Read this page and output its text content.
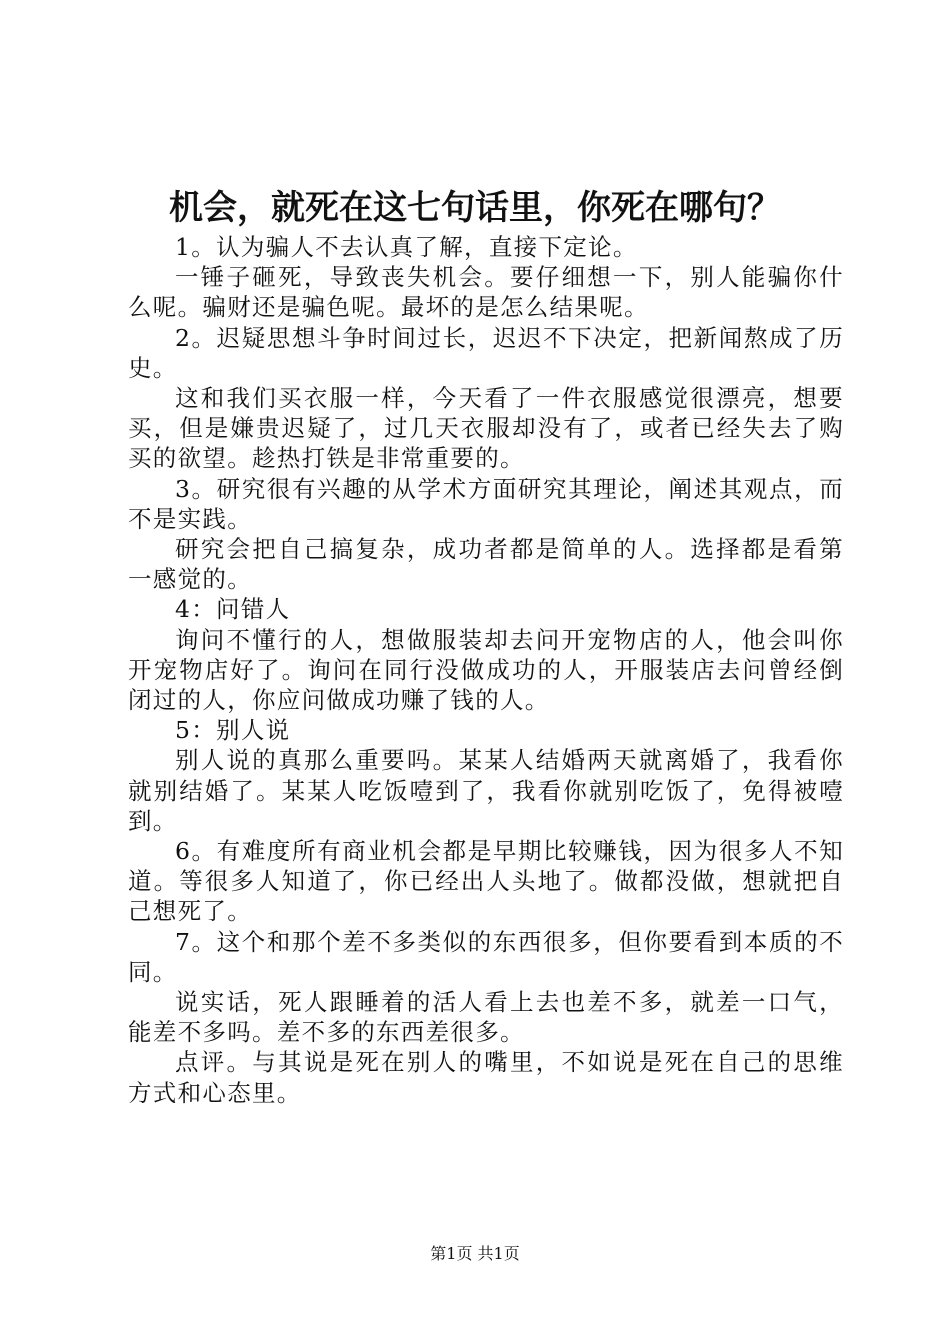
机会，就死在这七句话里，你死在哪句？

1。认为骗人不去认真了解，直接下定论。

一锤子砸死，导致丧失机会。要仔细想一下，别人能骗你什么呢。骗财还是骗色呢。最坏的是怎么结果呢。

2。迟疑思想斗争时间过长，迟迟不下决定，把新闻熬成了历史。

这和我们买衣服一样，今天看了一件衣服感觉很漂亮，想要买，但是嫌贵迟疑了，过几天衣服却没有了，或者已经失去了购买的欲望。趁热打铁是非常重要的。

3。研究很有兴趣的从学术方面研究其理论，阐述其观点，而不是实践。

研究会把自己搞复杂，成功者都是简单的人。选择都是看第一感觉的。

4：问错人

询问不懂行的人，想做服装却去问开宠物店的人，他会叫你开宠物店好了。询问在同行没做成功的人，开服装店去问曾经倒闭过的人，你应问做成功赚了钱的人。

5：别人说

别人说的真那么重要吗。某某人结婚两天就离婚了，我看你就别结婚了。某某人吃饭噎到了，我看你就别吃饭了，免得被噎到。

6。有难度所有商业机会都是早期比较赚钱，因为很多人不知道。等很多人知道了，你已经出人头地了。做都没做，想就把自己想死了。

7。这个和那个差不多类似的东西很多，但你要看到本质的不同。

说实话，死人跟睡着的活人看上去也差不多，就差一口气，能差不多吗。差不多的东西差很多。

点评。与其说是死在别人的嘴里，不如说是死在自己的思维方式和心态里。

第1页 共1页
